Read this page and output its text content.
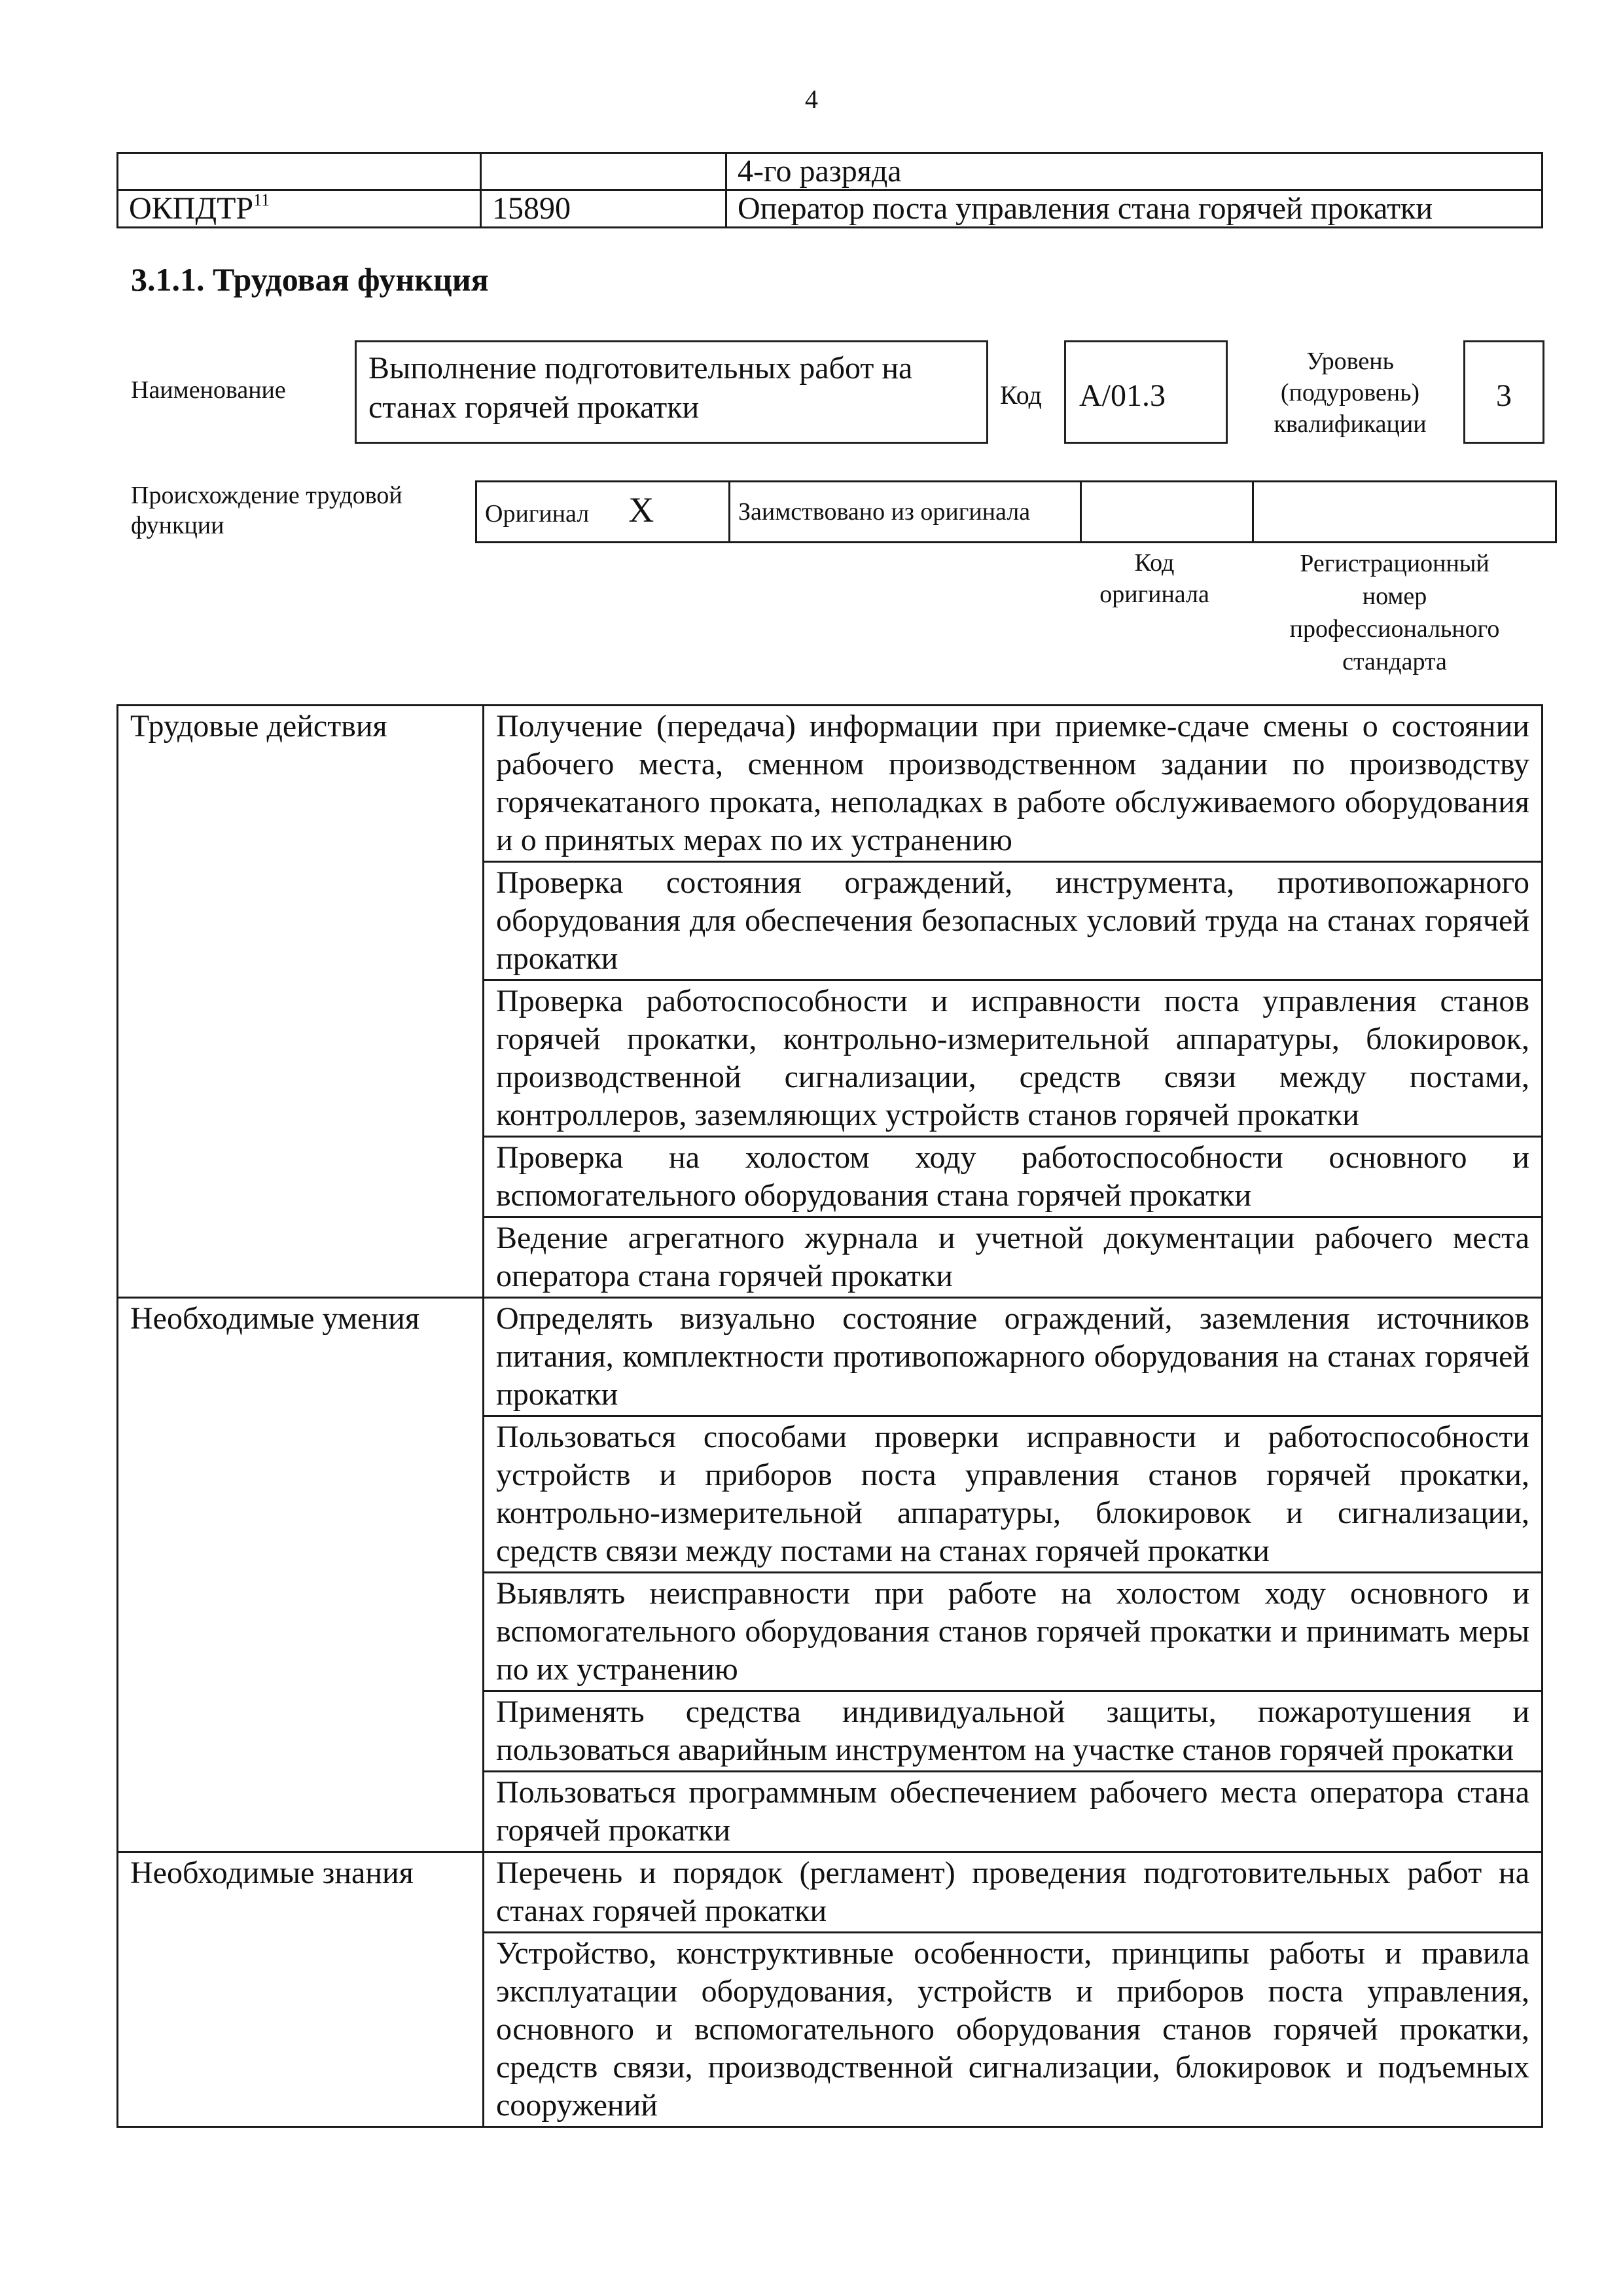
4
		4-го разряда
ОКПДТР$^{11}$	15890	Оператор поста управления стана горячей прокатки
3.1.1. Трудовая функция
Наименование
Выполнение подготовительных работ на станах горячей прокатки	Код	А/01.3
Уровень
(подуровень)
квалификации
3
Происхождение трудовой функции	Оригинал X	Заимствовано из оригинала		
Код
оригинала
Регистрационный
номер
профессионального
стандарта
Трудовые действия	Получение (передача) информации при приемке-сдаче смены о состоянии рабочего места, сменном производственном задании по производству горячекатаного проката, неполадках в работе обслуживаемого оборудования и о принятых мерах по их устранению
	Проверка состояния ограждений, инструмента, противопожарного оборудования для обеспечения безопасных условий труда на станах горячей прокатки
	Проверка работоспособности и исправности поста управления станов горячей прокатки, контрольно-измерительной аппаратуры, блокировок, производственной сигнализации, средств связи между постами, контроллеров, заземляющих устройств станов горячей прокатки
	Проверка на холостом ходу работоспособности основного и вспомогательного оборудования стана горячей прокатки
	Ведение агрегатного журнала и учетной документации рабочего места оператора стана горячей прокатки
Необходимые умения	Определять визуально состояние ограждений, заземления источников питания, комплектности противопожарного оборудования на станах горячей прокатки
	Пользоваться способами проверки исправности и работоспособности устройств и приборов поста управления станов горячей прокатки, контрольно-измерительной аппаратуры, блокировок и сигнализации, средств связи между постами на станах горячей прокатки
	Выявлять неисправности при работе на холостом ходу основного и вспомогательного оборудования станов горячей прокатки и принимать меры по их устранению
	Применять средства индивидуальной защиты, пожаротушения и пользоваться аварийным инструментом на участке станов горячей прокатки
	Пользоваться программным обеспечением рабочего места оператора стана горячей прокатки
Необходимые знания	Перечень и порядок (регламент) проведения подготовительных работ на станах горячей прокатки
	Устройство, конструктивные особенности, принципы работы и правила эксплуатации оборудования, устройств и приборов поста управления, основного и вспомогательного оборудования станов горячей прокатки, средств связи, производственной сигнализации, блокировок и подъемных сооружений
